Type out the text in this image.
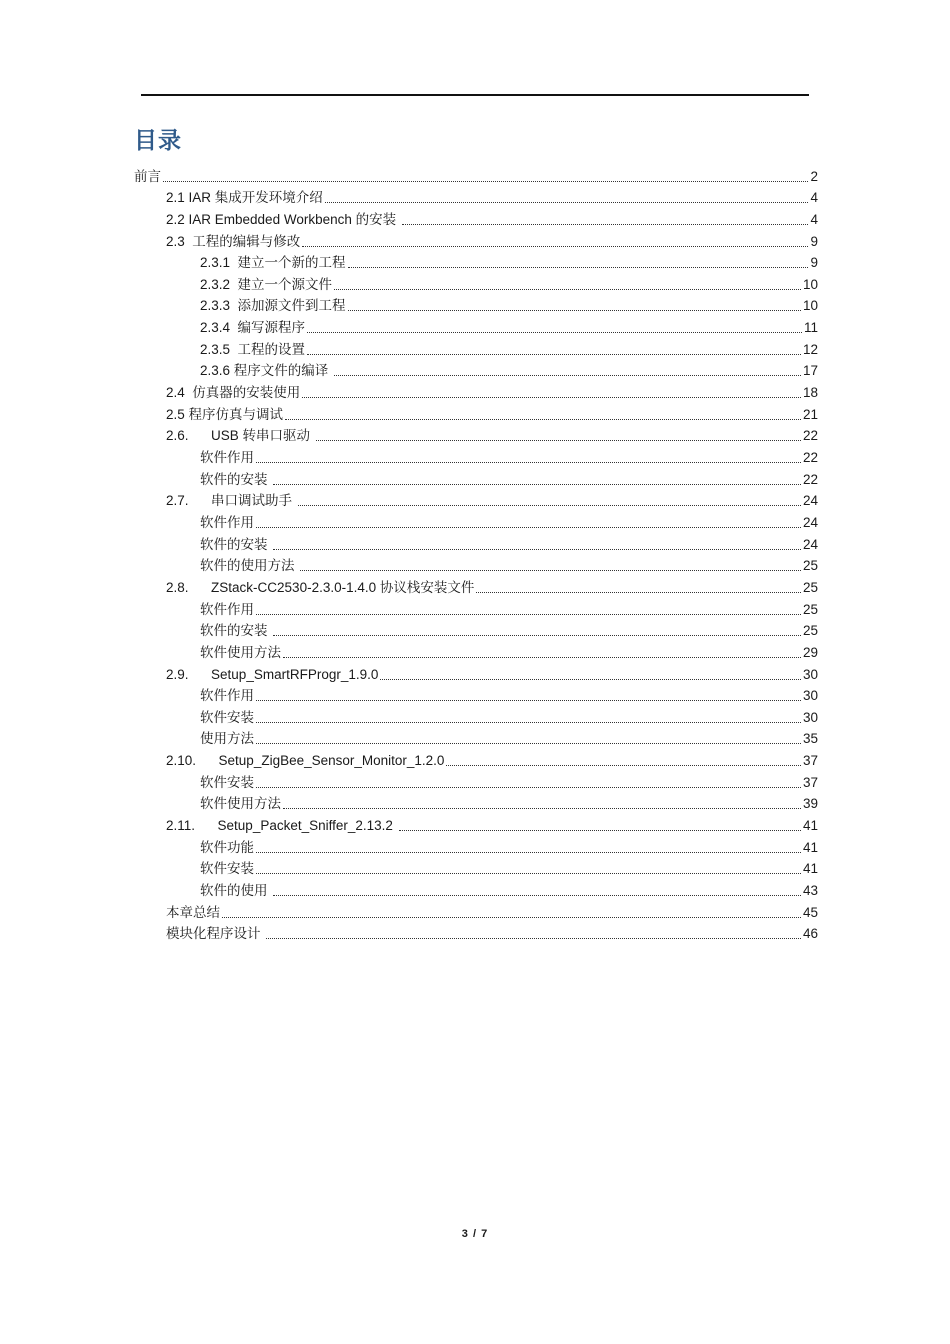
目录
前言	2
2.1 IAR 集成开发环境介绍	4
2.2 IAR Embedded Workbench 的安装	4
2.3  工程的编辑与修改	9
2.3.1  建立一个新的工程	9
2.3.2  建立一个源文件	10
2.3.3  添加源文件到工程	10
2.3.4  编写源程序	11
2.3.5  工程的设置	12
2.3.6 程序文件的编译	17
2.4  仿真器的安装使用	18
2.5 程序仿真与调试	21
2.6.      USB 转串口驱动	22
软件作用	22
软件的安装	22
2.7.      串口调试助手	24
软件作用	24
软件的安装	24
软件的使用方法	25
2.8.      ZStack-CC2530-2.3.0-1.4.0 协议栈安装文件	25
软件作用	25
软件的安装	25
软件使用方法	29
2.9.      Setup_SmartRFProgr_1.9.0	30
软件作用	30
软件安装	30
使用方法	35
2.10.      Setup_ZigBee_Sensor_Monitor_1.2.0	37
软件安装	37
软件使用方法	39
2.11.      Setup_Packet_Sniffer_2.13.2	41
软件功能	41
软件安装	41
软件的使用	43
本章总结	45
模块化程序设计	46
3 / 7
